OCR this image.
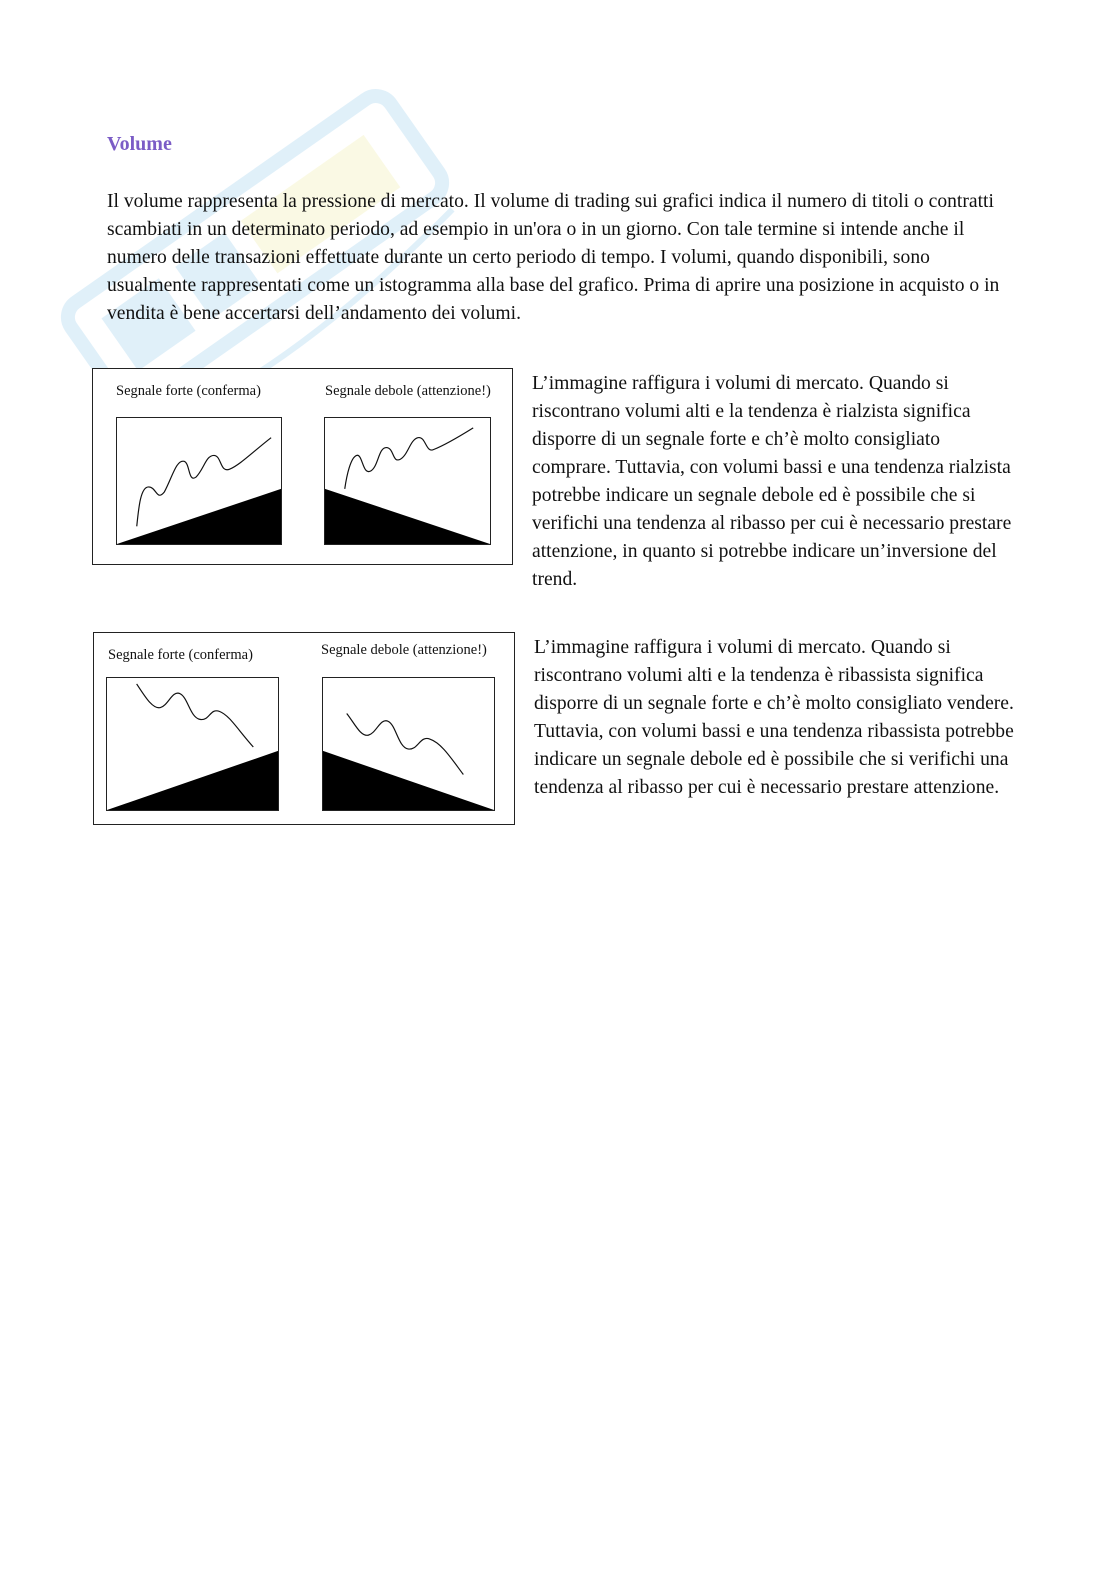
Volume

Il volume rappresenta la pressione di mercato. Il volume di trading sui grafici indica il numero di titoli o contratti scambiati in un determinato periodo, ad esempio in un'ora o in un giorno. Con tale termine si intende anche il numero delle transazioni effettuate durante un certo periodo di tempo. I volumi, quando disponibili, sono usualmente rappresentati come un istogramma alla base del grafico. Prima di aprire una posizione in acquisto o in vendita è bene accertarsi dell’andamento dei volumi.

Segnale forte (conferma)	Segnale debole (attenzione!) L’immagine raffigura i volumi di mercato. Quando si riscontrano volumi alti e la tendenza è rialzista significa disporre di un segnale forte e ch’è molto consigliato comprare. Tuttavia, con volumi bassi e una tendenza rialzista potrebbe indicare un segnale debole ed è possibile che si verifichi una tendenza al ribasso per cui è necessario prestare attenzione, in quanto si potrebbe indicare un’inversione del trend.

Segnale forte (conferma)	Segnale debole (attenzione!) L’immagine raffigura i volumi di mercato. Quando si riscontrano volumi alti e la tendenza è ribassista significa disporre di un segnale forte e ch’è molto consigliato vendere. Tuttavia, con volumi bassi e una tendenza ribassista potrebbe indicare un segnale debole ed è possibile che si verifichi una tendenza al ribasso per cui è necessario prestare attenzione.
